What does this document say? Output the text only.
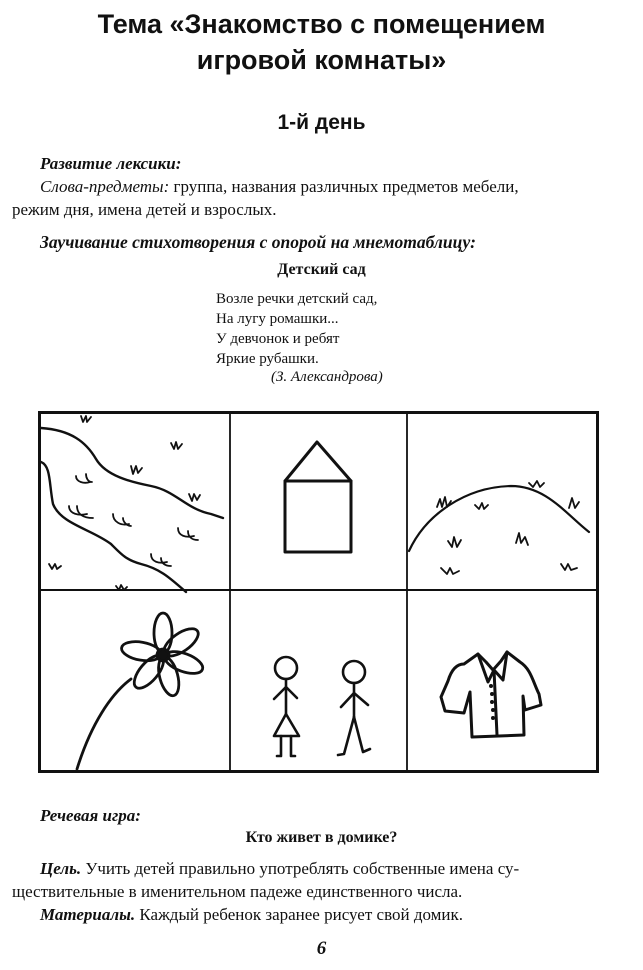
Тема «Знакомство с помещением
игровой комнаты»
1-й день
Развитие лексики:
Слова-предметы: группа, названия различных предметов мебели,
режим дня, имена детей и взрослых.
Заучивание стихотворения с опорой на мнемотаблицу:
Детский сад
Возле речки детский сад,
На лугу ромашки...
У девчонок и ребят
Яркие рубашки.
(З. Александрова)
Речевая игра:
Кто живет в домике?
Цель. Учить детей правильно употреблять собственные имена су-
ществительные в именительном падеже единственного числа.
Материалы. Каждый ребенок заранее рисует свой домик.
6
